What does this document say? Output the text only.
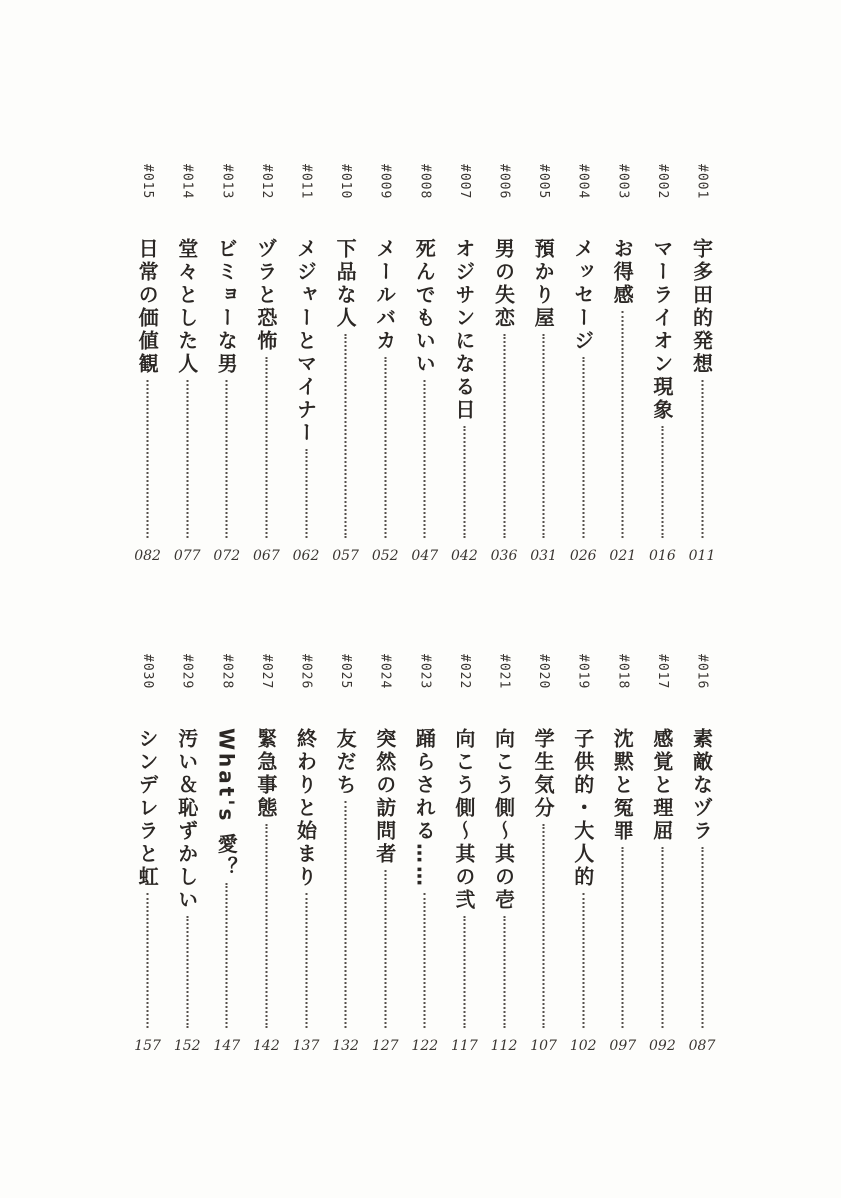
#001
宇多田的発想
011
#002
マーライオン現象
016
#003
お得感
021
#004
メッセージ
026
#005
預かり屋
031
#006
男の失恋
036
#007
オジサンになる日
042
#008
死んでもいい
047
#009
メールバカ
052
#010
下品な人
057
#011
メジャーとマイナー
062
#012
ヅラと恐怖
067
#013
ビミョーな男
072
#014
堂々とした人
077
#015
日常の価値観
082
#016
素敵なヅラ
087
#017
感覚と理屈
092
#018
沈黙と冤罪
097
#019
子供的・大人的
102
#020
学生気分
107
#021
向こう側〜其の壱
112
#022
向こう側〜其の弐
117
#023
踊らされる……
122
#024
突然の訪問者
127
#025
友だち
132
#026
終わりと始まり
137
#027
緊急事態
142
#028
What's 愛？
147
#029
汚い＆恥ずかしい
152
#030
シンデレラと虹
157
